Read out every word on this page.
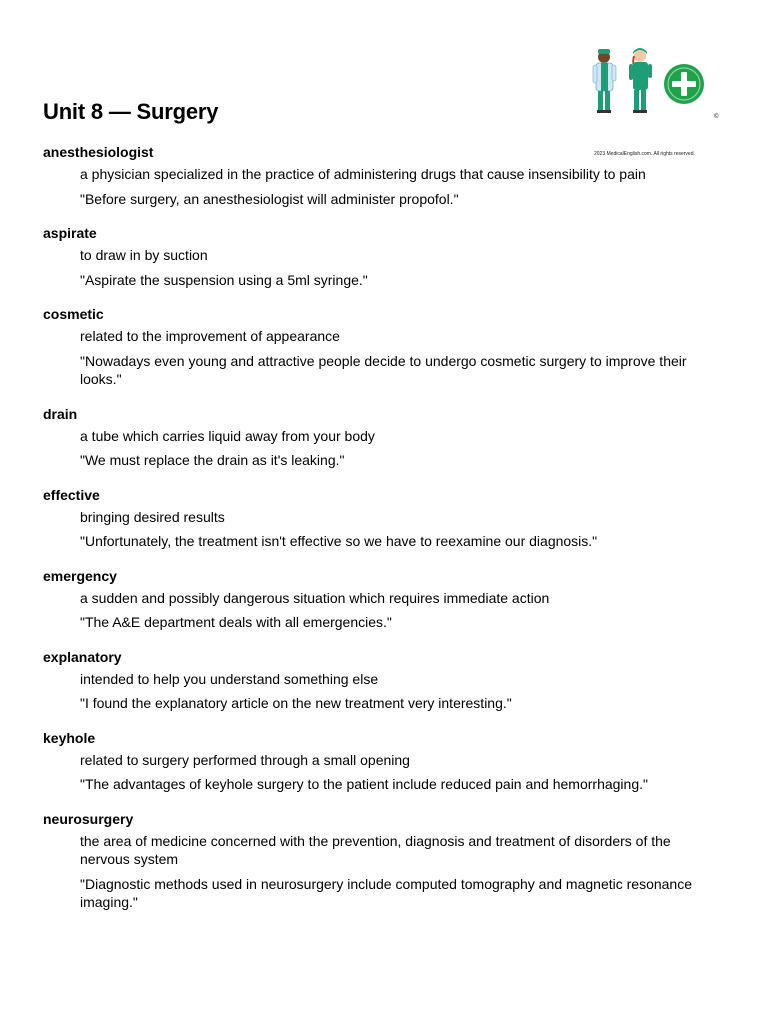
Unit 8 — Surgery	©
2023 MedicalEnglish.com. All rights reserved.
anesthesiologist
a physician specialized in the practice of administering drugs that cause insensibility to pain
"Before surgery, an anesthesiologist will administer propofol."
aspirate
to draw in by suction
"Aspirate the suspension using a 5ml syringe."
cosmetic
related to the improvement of appearance
"Nowadays even young and attractive people decide to undergo cosmetic surgery to improve their looks."
drain
a tube which carries liquid away from your body
"We must replace the drain as it's leaking."
effective
bringing desired results
"Unfortunately, the treatment isn't effective so we have to reexamine our diagnosis."
emergency
a sudden and possibly dangerous situation which requires immediate action
"The A&E department deals with all emergencies."
explanatory
intended to help you understand something else
"I found the explanatory article on the new treatment very interesting."
keyhole
related to surgery performed through a small opening
"The advantages of keyhole surgery to the patient include reduced pain and hemorrhaging."
neurosurgery
the area of medicine concerned with the prevention, diagnosis and treatment of disorders of the nervous system
"Diagnostic methods used in neurosurgery include computed tomography and magnetic resonance imaging."
